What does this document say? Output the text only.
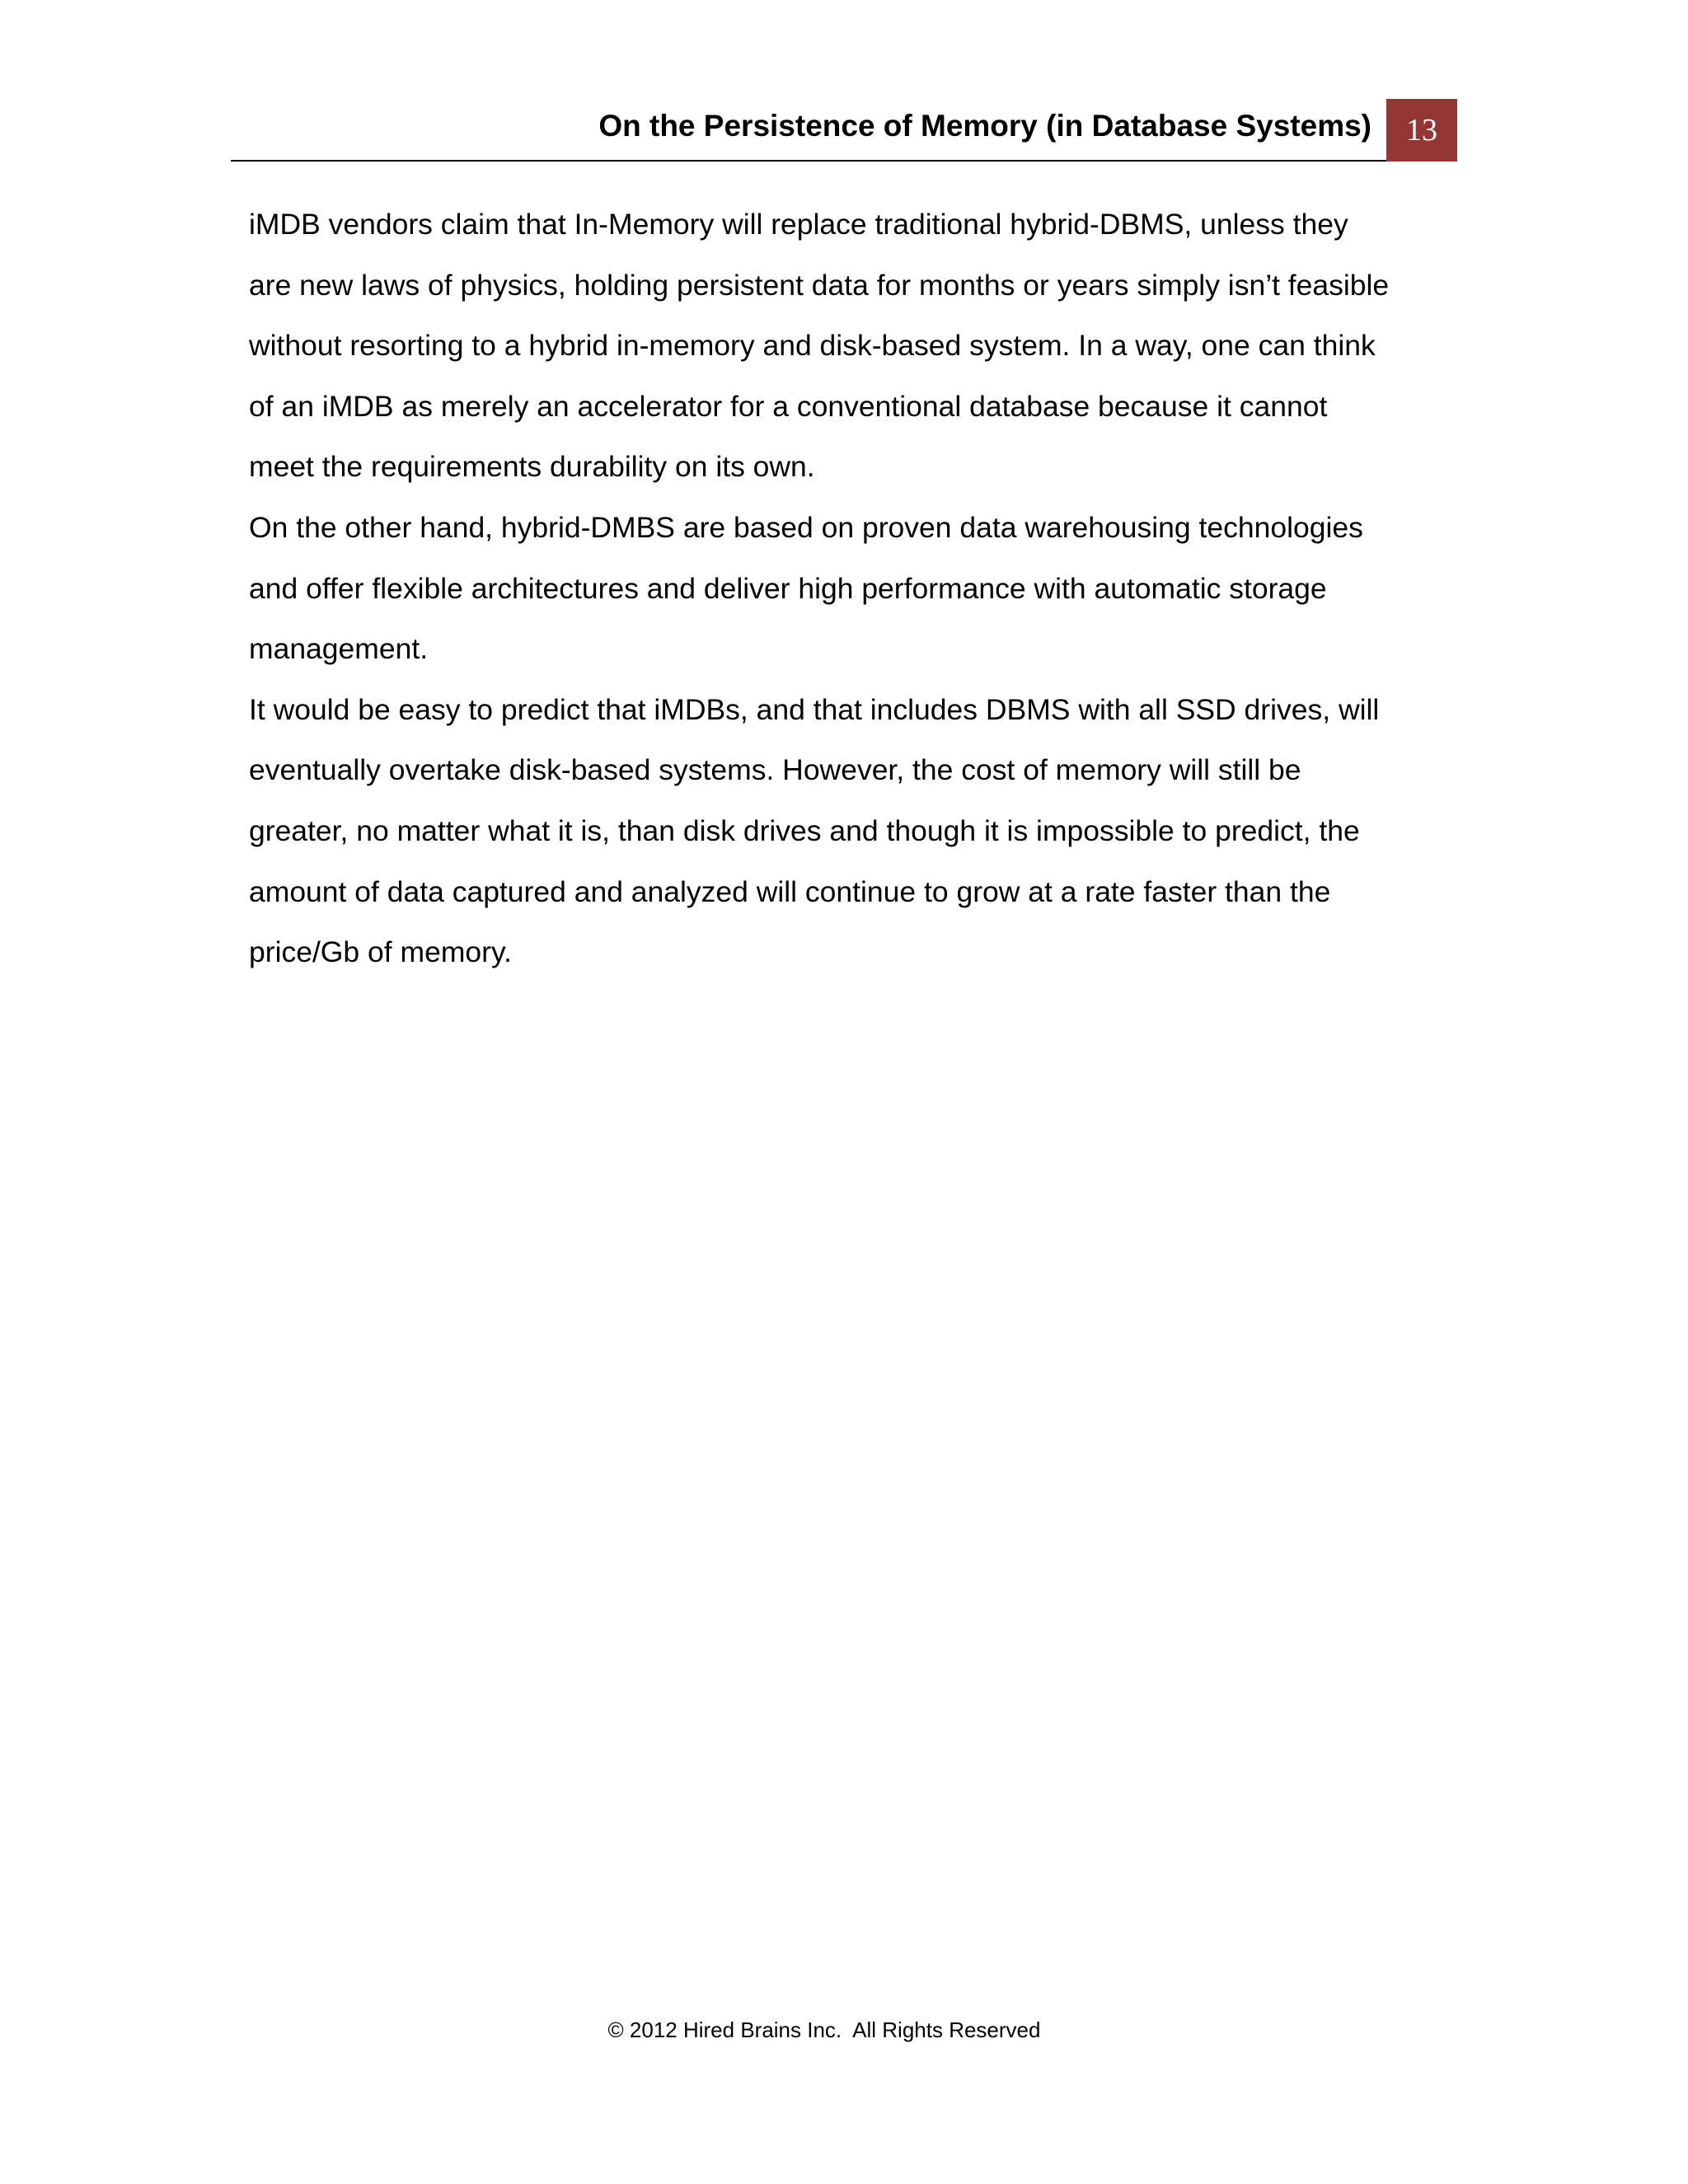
On the Persistence of Memory (in Database Systems)	13
iMDB vendors claim that In-Memory will replace traditional hybrid-DBMS, unless they
are new laws of physics, holding persistent data for months or years simply isn’t feasible
without resorting to a hybrid in-memory and disk-based system. In a way, one can think
of an iMDB as merely an accelerator for a conventional database because it cannot
meet the requirements durability on its own.
On the other hand, hybrid-DMBS are based on proven data warehousing technologies
and offer flexible architectures and deliver high performance with automatic storage
management.
It would be easy to predict that iMDBs, and that includes DBMS with all SSD drives, will
eventually overtake disk-based systems. However, the cost of memory will still be
greater, no matter what it is, than disk drives and though it is impossible to predict, the
amount of data captured and analyzed will continue to grow at a rate faster than the
price/Gb of memory.
© 2012 Hired Brains Inc.  All Rights Reserved
